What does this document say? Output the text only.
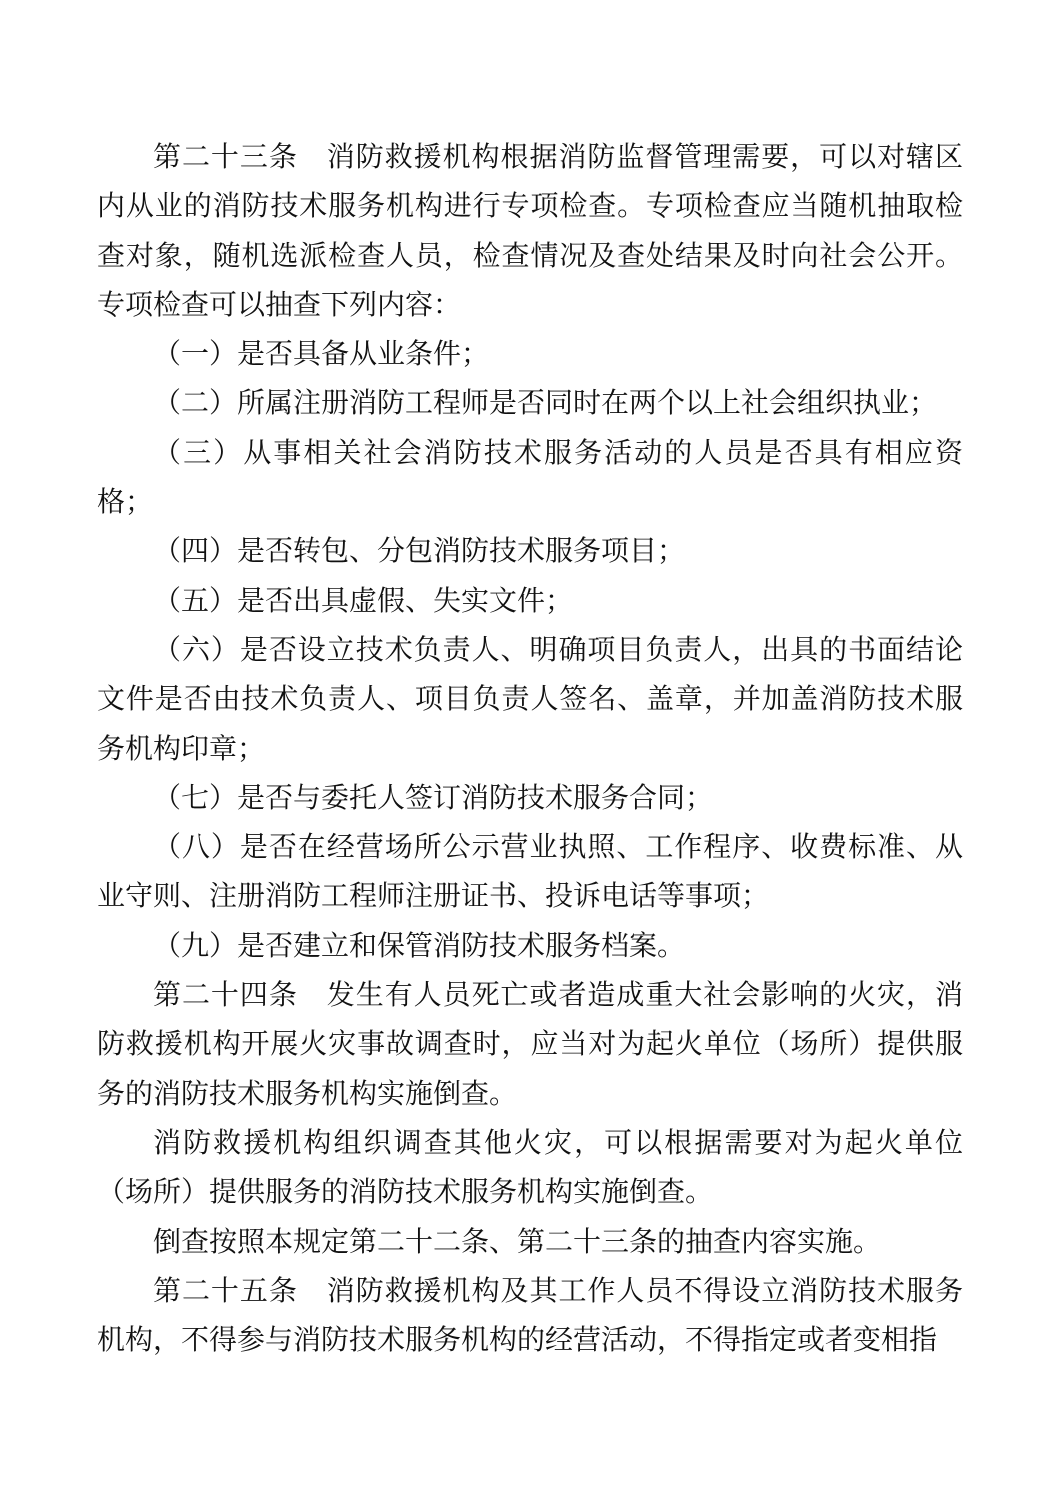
第二十三条 消防救援机构根据消防监督管理需要，可以对辖区内从业的消防技术服务机构进行专项检查。专项检查应当随机抽取检查对象，随机选派检查人员，检查情况及查处结果及时向社会公开。专项检查可以抽查下列内容：

（一）是否具备从业条件；

（二）所属注册消防工程师是否同时在两个以上社会组织执业；

（三）从事相关社会消防技术服务活动的人员是否具有相应资格；

（四）是否转包、分包消防技术服务项目；

（五）是否出具虚假、失实文件；

（六）是否设立技术负责人、明确项目负责人，出具的书面结论文件是否由技术负责人、项目负责人签名、盖章，并加盖消防技术服务机构印章；

（七）是否与委托人签订消防技术服务合同；

（八）是否在经营场所公示营业执照、工作程序、收费标准、从业守则、注册消防工程师注册证书、投诉电话等事项；

（九）是否建立和保管消防技术服务档案。

第二十四条 发生有人员死亡或者造成重大社会影响的火灾，消防救援机构开展火灾事故调查时，应当对为起火单位（场所）提供服务的消防技术服务机构实施倒查。

消防救援机构组织调查其他火灾，可以根据需要对为起火单位（场所）提供服务的消防技术服务机构实施倒查。

倒查按照本规定第二十二条、第二十三条的抽查内容实施。

第二十五条 消防救援机构及其工作人员不得设立消防技术服务机构，不得参与消防技术服务机构的经营活动，不得指定或者变相指
